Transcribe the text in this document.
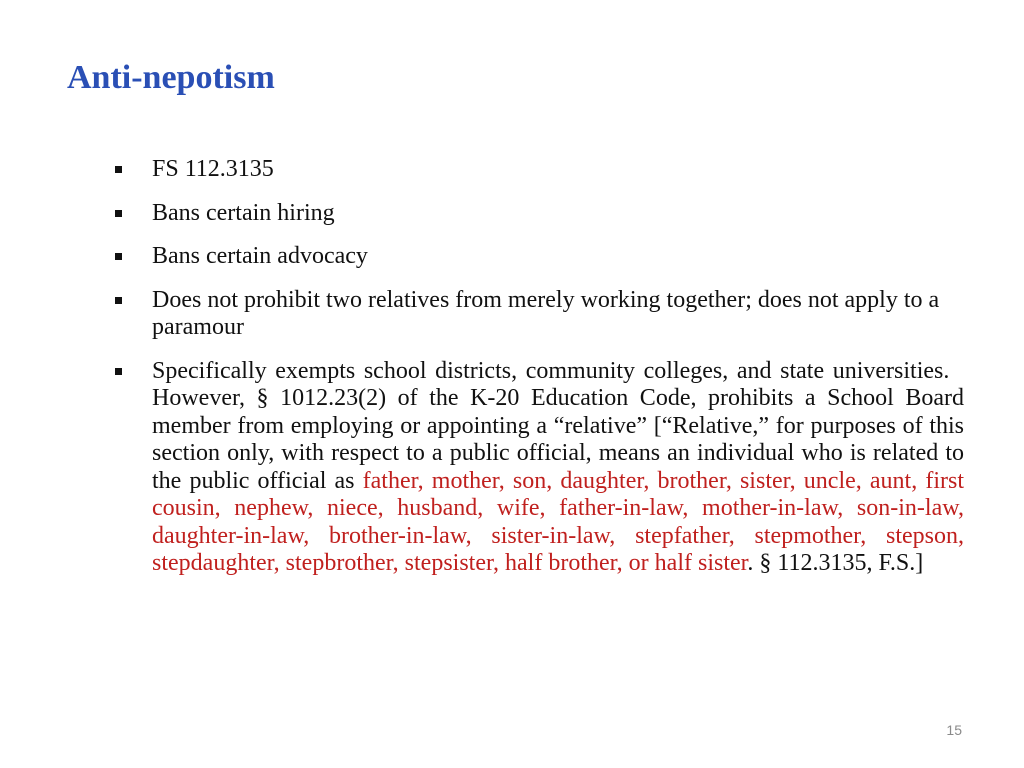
Anti-nepotism
FS 112.3135
Bans certain hiring
Bans certain advocacy
Does not prohibit two relatives from merely working together; does not apply to a paramour
Specifically exempts school districts, community colleges, and state universities.   However, § 1012.23(2) of the K-20 Education Code, prohibits a School Board member from employing or appointing a “relative” [“Relative,” for purposes of this section only, with respect to a public official, means an individual who is related to the public official as father, mother, son, daughter, brother, sister, uncle, aunt, first cousin, nephew, niece, husband, wife, father-in-law, mother-in-law, son-in-law, daughter-in-law, brother-in-law, sister-in-law, stepfather, stepmother, stepson, stepdaughter, stepbrother, stepsister, half brother, or half sister. § 112.3135, F.S.]
15
